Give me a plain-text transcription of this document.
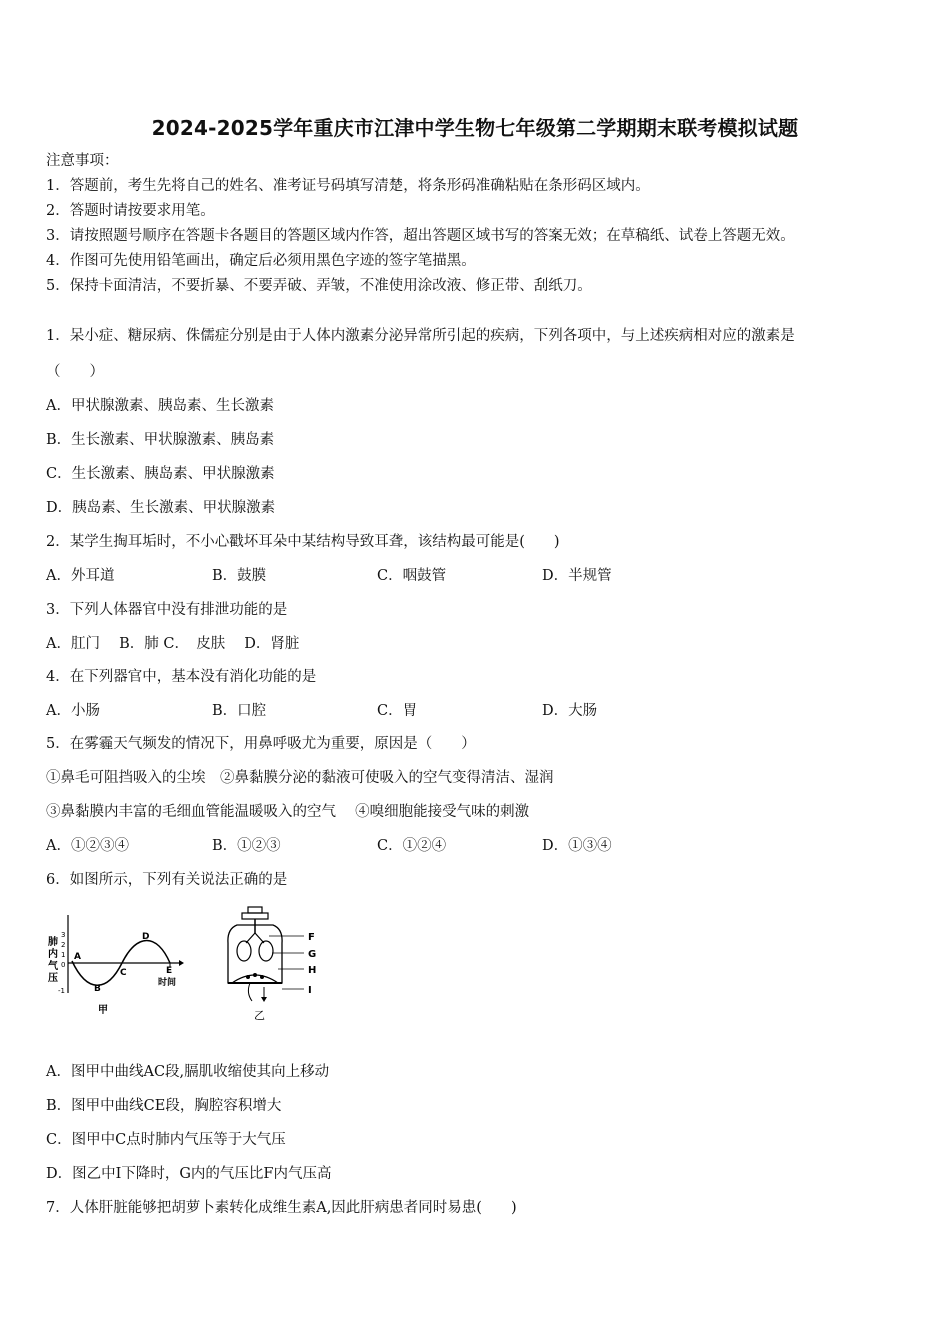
2024-2025学年重庆市江津中学生物七年级第二学期期末联考模拟试题
注意事项：
1．答题前，考生先将自己的姓名、准考证号码填写清楚，将条形码准确粘贴在条形码区域内。
2．答题时请按要求用笔。
3．请按照题号顺序在答题卡各题目的答题区域内作答，超出答题区域书写的答案无效；在草稿纸、试卷上答题无效。
4．作图可先使用铅笔画出，确定后必须用黑色字迹的签字笔描黑。
5．保持卡面清洁，不要折暴、不要弄破、弄皱，不准使用涂改液、修正带、刮纸刀。
1．呆小症、糖尿病、侏儒症分别是由于人体内激素分泌异常所引起的疾病，下列各项中，与上述疾病相对应的激素是
（　　）
A．甲状腺激素、胰岛素、生长激素
B．生长激素、甲状腺激素、胰岛素
C．生长激素、胰岛素、甲状腺激素
D．胰岛素、生长激素、甲状腺激素
2．某学生掏耳垢时，不小心戳坏耳朵中某结构导致耳聋，该结构最可能是(　　)
A．外耳道	B．鼓膜	C．咽鼓管	D．半规管
3．下列人体器官中没有排泄功能的是
A．肛门　 B．肺 C．　皮肤　 D．肾脏
4．在下列器官中，基本没有消化功能的是
A．小肠	B．口腔	C．胃	D．大肠
5．在雾霾天气频发的情况下，用鼻呼吸尤为重要，原因是（　　）
①鼻毛可阻挡吸入的尘埃　②鼻黏膜分泌的黏液可使吸入的空气变得清洁、湿润
③鼻黏膜内丰富的毛细血管能温暖吸入的空气　 ④嗅细胞能接受气味的刺激
A．①②③④	B．①②③	C．①②④	D．①③④
6．如图所示，下列有关说法正确的是
肺
内
气
压
3
2
1
0
-1
A
B
C
D
E
时间
甲
F
G
H
I
乙
A．图甲中曲线AC段,膈肌收缩使其向上移动
B．图甲中曲线CE段，胸腔容积增大
C．图甲中C点时肺内气压等于大气压
D．图乙中I下降时，G内的气压比F内气压高
7．人体肝脏能够把胡萝卜素转化成维生素A,因此肝病患者同时易患(　　)
